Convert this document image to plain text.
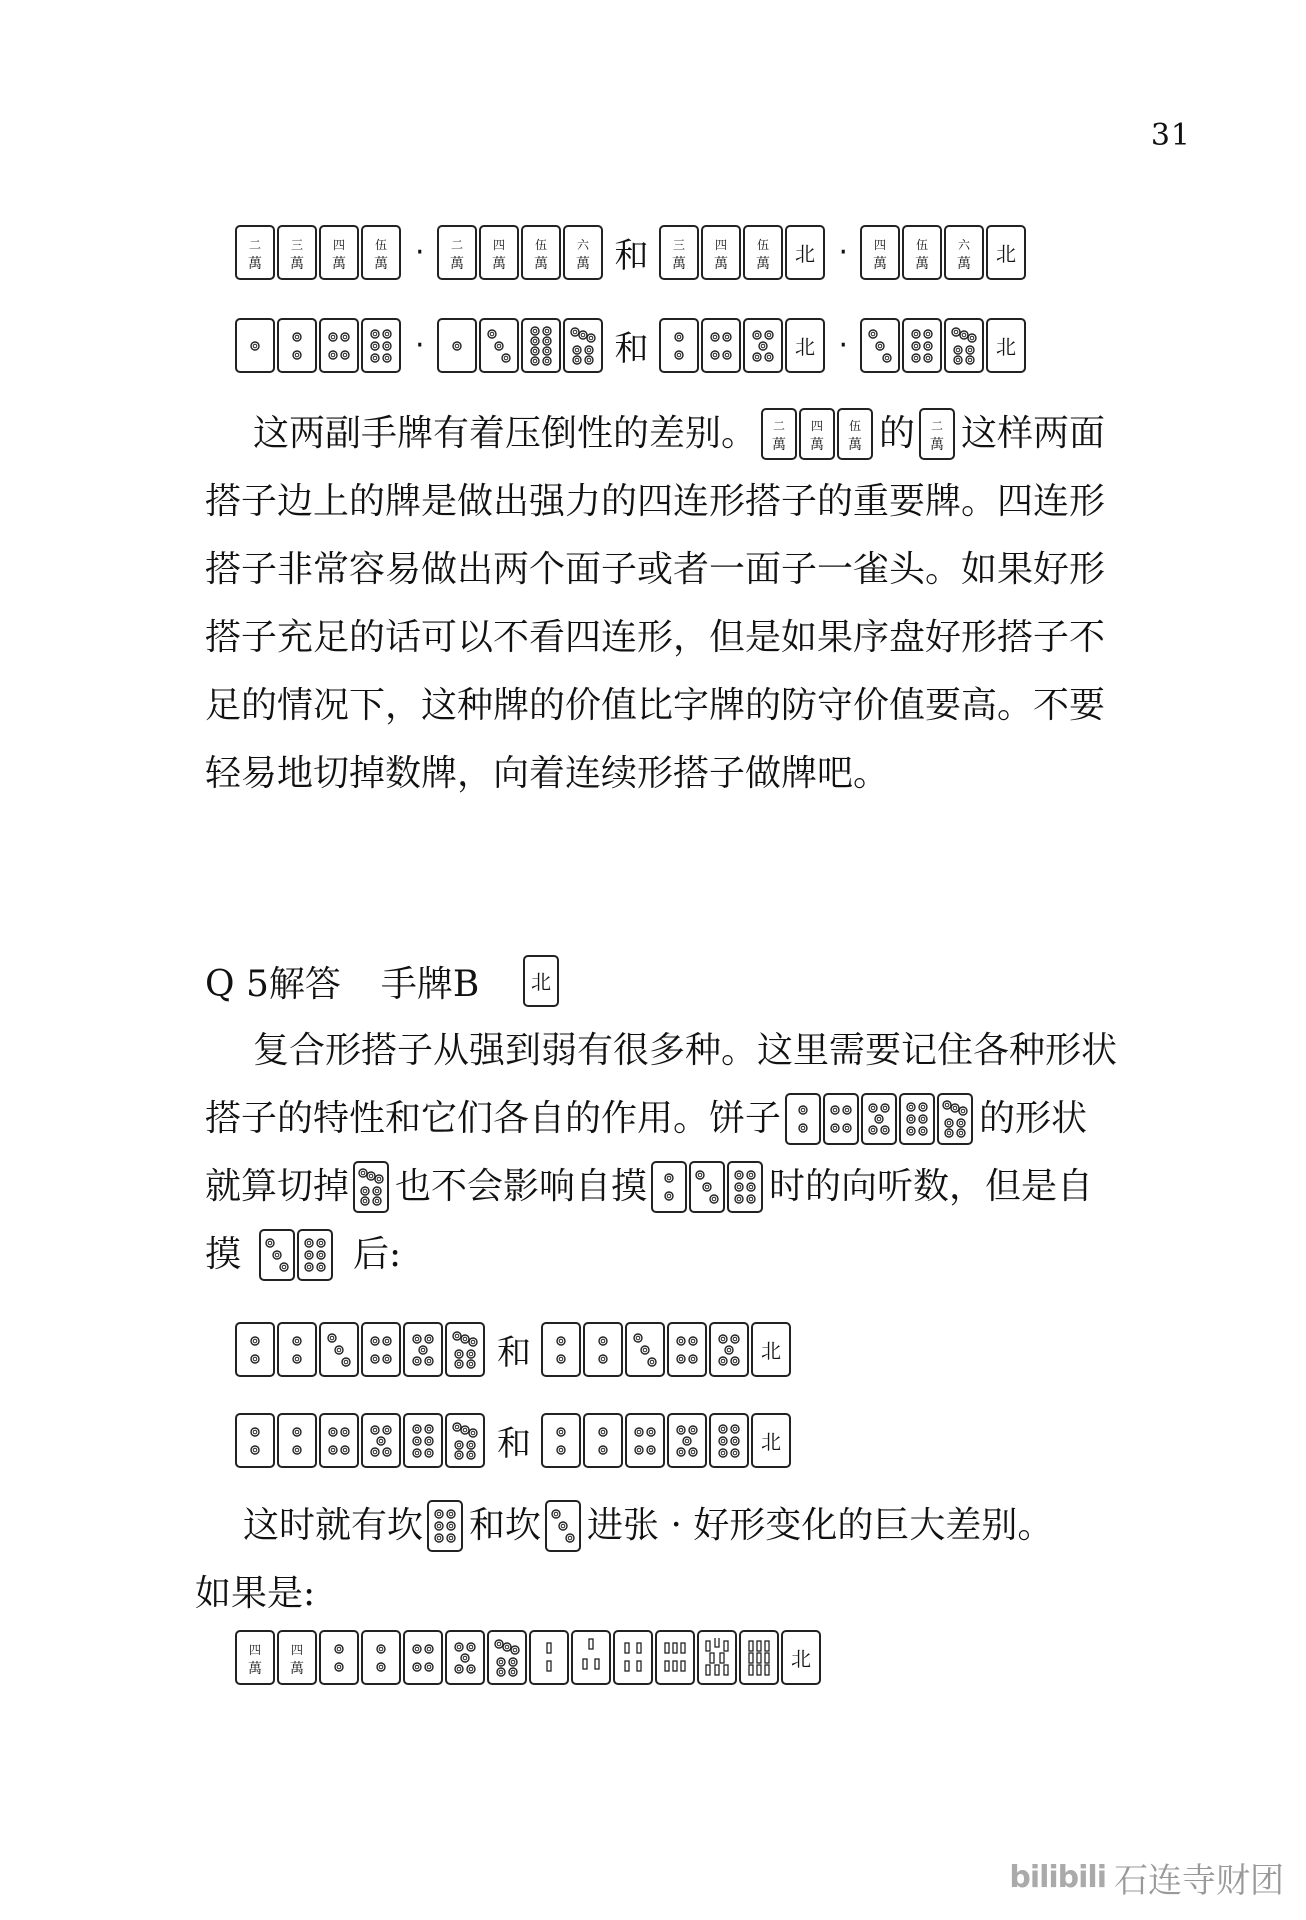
31
二
萬
三
萬
四
萬
伍
萬 · 二
萬
四
萬
伍
萬
六
萬 和 三
萬
四
萬
伍
萬 北 · 四
萬
伍
萬
六
萬 北
·	和	北 ·	北
这两副手牌有着压倒性的差别。 二
萬
四
萬
伍
萬 的 二
萬 这样两面
搭子边上的牌是做出强力的四连形搭子的重要牌。四连形
搭子非常容易做出两个面子或者一面子一雀头。如果好形
搭子充足的话可以不看四连形，但是如果序盘好形搭子不
足的情况下，这种牌的价值比字牌的防守价值要高。不要
轻易地切掉数牌，向着连续形搭子做牌吧。
Q 5解答 手牌B	北
复合形搭子从强到弱有很多种。这里需要记住各种形状
搭子的特性和它们各自的作用。饼子	的形状
就算切掉 也不会影响自摸	时的向听数，但是自
摸	后:
和	北
和	北
这时就有坎 和坎 进张 · 好形变化的巨大差别。
如果是:
四
萬
四
萬	北
bilibili 石连寺财团
